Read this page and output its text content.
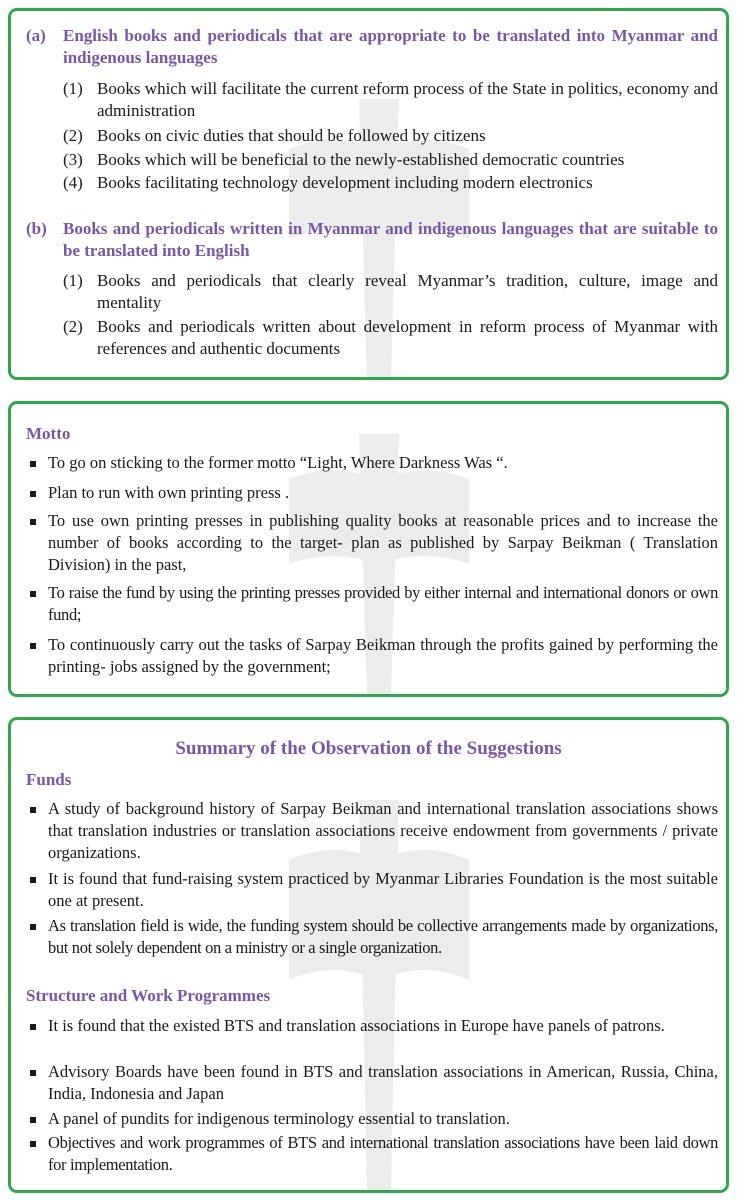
(a)	English books and periodicals that are appropriate to be translated into Myanmar and indigenous languages
(1) Books which will facilitate the current reform process of the State in politics, economy and administration
(2) Books on civic duties that should be followed by citizens
(3) Books which will be beneficial to the newly-established democratic countries
(4) Books facilitating technology development including modern electronics
(b) Books and periodicals written in Myanmar and indigenous languages that are suitable to be translated into English
(1) Books and periodicals that clearly reveal Myanmar’s tradition, culture, image and mentality
(2) Books and periodicals written about development in reform process of Myanmar with references and authentic documents
Motto
To go on sticking to the former motto “Light, Where Darkness Was “.
Plan to run with own printing press .
To use own printing presses in publishing quality books at reasonable prices and to increase the number of books according to the target- plan as published by Sarpay Beikman ( Translation Division) in the past,
To raise the fund by using the printing presses provided by either internal and international donors or own fund;
To continuously carry out the tasks of Sarpay Beikman through the profits gained by performing the printing- jobs assigned by the government;
Summary of the Observation of the Suggestions
Funds
A study of background history of Sarpay Beikman and international translation associations shows that translation industries or translation associations receive endowment from governments / private organizations.
It is found that fund-raising system practiced by Myanmar Libraries Foundation is the most suitable one at present.
As translation field is wide, the funding system should be collective arrangements made by organizations, but not solely dependent on a ministry or a single organization.
Structure and Work Programmes
It is found that the existed BTS and translation associations in Europe have panels of patrons.
Advisory Boards have been found in BTS and translation associations in American, Russia, China, India, Indonesia and Japan
A panel of pundits for indigenous terminology essential to translation.
Objectives and work programmes of BTS and international translation associations have been laid down for implementation.
